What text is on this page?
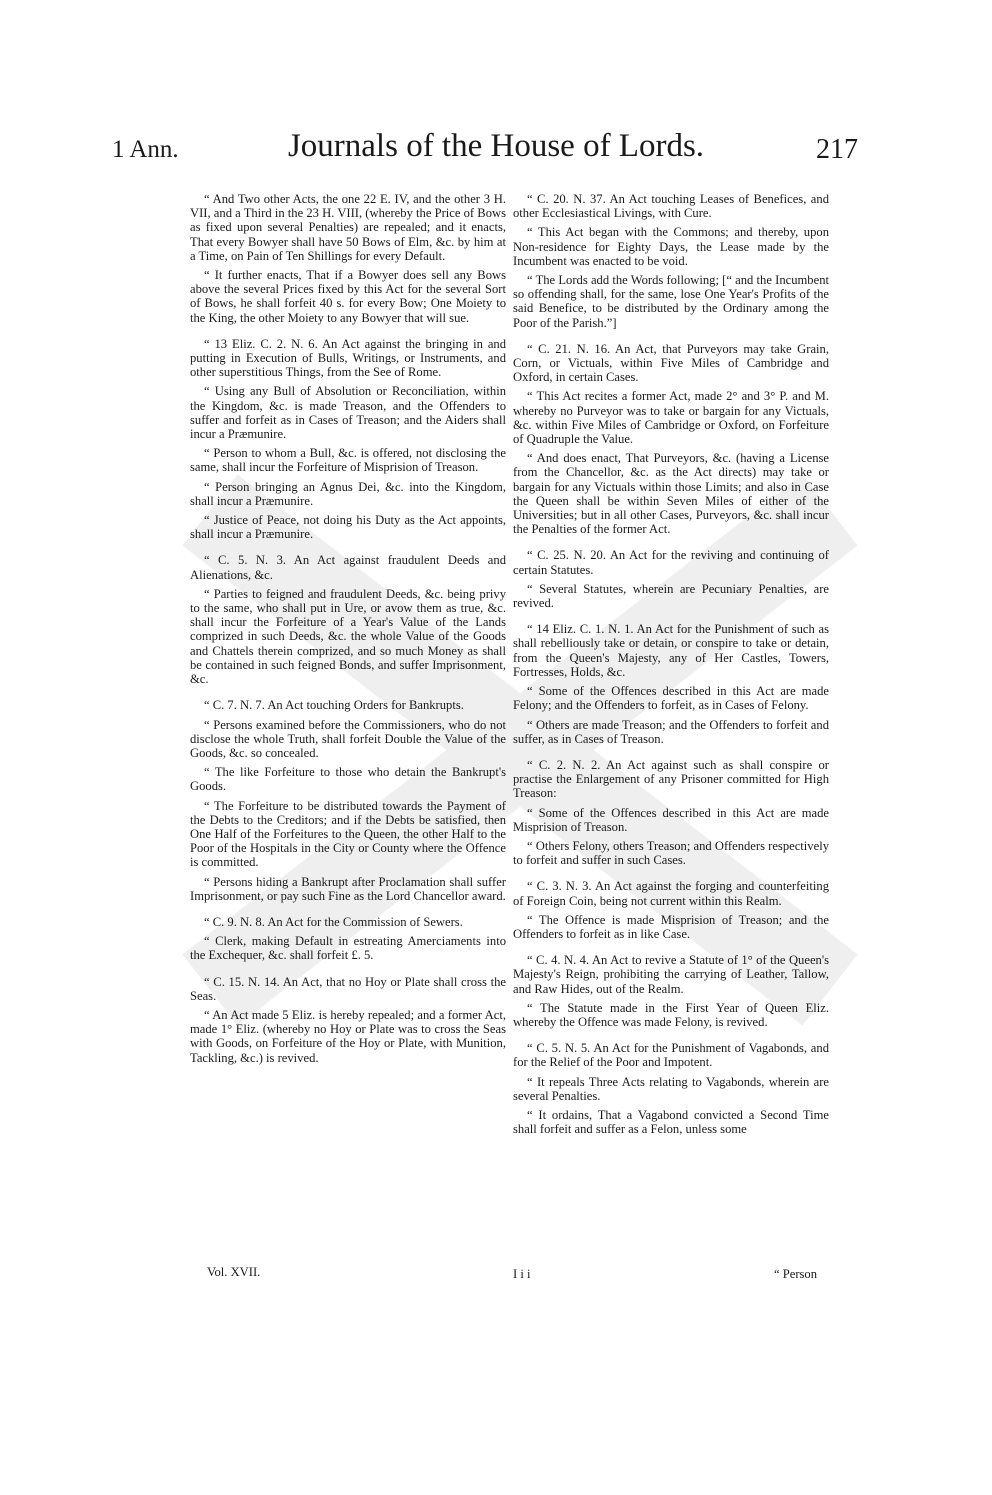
1 Ann.	Journals of the House of Lords.	217

“ And Two other Acts, the one 22 E. IV, and the other 3 H. VII, and a Third in the 23 H. VIII, (whereby the Price of Bows as fixed upon several Penalties) are repealed; and it enacts, That every Bowyer shall have 50 Bows of Elm, &c. by him at a Time, on Pain of Ten Shillings for every Default.

“ It further enacts, That if a Bowyer does sell any Bows above the several Prices fixed by this Act for the several Sort of Bows, he shall forfeit 40 s. for every Bow; One Moiety to the King, the other Moiety to any Bowyer that will sue.

“ 13 Eliz. C. 2. N. 6. An Act against the bringing in and putting in Execution of Bulls, Writings, or Instruments, and other superstitious Things, from the See of Rome.

“ Using any Bull of Absolution or Reconciliation, within the Kingdom, &c. is made Treason, and the Offenders to suffer and forfeit as in Cases of Treason; and the Aiders shall incur a Præmunire.

“ Person to whom a Bull, &c. is offered, not disclosing the same, shall incur the Forfeiture of Misprision of Treason.

“ Person bringing an Agnus Dei, &c. into the Kingdom, shall incur a Præmunire.

“ Justice of Peace, not doing his Duty as the Act appoints, shall incur a Præmunire.

“ C. 5. N. 3. An Act against fraudulent Deeds and Alienations, &c.

“ Parties to feigned and fraudulent Deeds, &c. being privy to the same, who shall put in Ure, or avow them as true, &c. shall incur the Forfeiture of a Year's Value of the Lands comprized in such Deeds, &c. the whole Value of the Goods and Chattels therein comprized, and so much Money as shall be contained in such feigned Bonds, and suffer Imprisonment, &c.

“ C. 7. N. 7. An Act touching Orders for Bankrupts.

“ Persons examined before the Commissioners, who do not disclose the whole Truth, shall forfeit Double the Value of the Goods, &c. so concealed.

“ The like Forfeiture to those who detain the Bankrupt's Goods.

“ The Forfeiture to be distributed towards the Payment of the Debts to the Creditors; and if the Debts be satisfied, then One Half of the Forfeitures to the Queen, the other Half to the Poor of the Hospitals in the City or County where the Offence is committed.

“ Persons hiding a Bankrupt after Proclamation shall suffer Imprisonment, or pay such Fine as the Lord Chancellor award.

“ C. 9. N. 8. An Act for the Commission of Sewers.

“ Clerk, making Default in estreating Amerciaments into the Exchequer, &c. shall forfeit £. 5.

“ C. 15. N. 14. An Act, that no Hoy or Plate shall cross the Seas.

“ An Act made 5 Eliz. is hereby repealed; and a former Act, made 1° Eliz. (whereby no Hoy or Plate was to cross the Seas with Goods, on Forfeiture of the Hoy or Plate, with Munition, Tackling, &c.) is revived.

“ C. 20. N. 37. An Act touching Leases of Benefices, and other Ecclesiastical Livings, with Cure.

“ This Act began with the Commons; and thereby, upon Non-residence for Eighty Days, the Lease made by the Incumbent was enacted to be void.

“ The Lords add the Words following; [“ and the Incumbent so offending shall, for the same, lose One Year's Profits of the said Benefice, to be distributed by the Ordinary among the Poor of the Parish.”]

“ C. 21. N. 16. An Act, that Purveyors may take Grain, Corn, or Victuals, within Five Miles of Cambridge and Oxford, in certain Cases.

“ This Act recites a former Act, made 2° and 3° P. and M. whereby no Purveyor was to take or bargain for any Victuals, &c. within Five Miles of Cambridge or Oxford, on Forfeiture of Quadruple the Value.

“ And does enact, That Purveyors, &c. (having a License from the Chancellor, &c. as the Act directs) may take or bargain for any Victuals within those Limits; and also in Case the Queen shall be within Seven Miles of either of the Universities; but in all other Cases, Purveyors, &c. shall incur the Penalties of the former Act.

“ C. 25. N. 20. An Act for the reviving and continuing of certain Statutes.

“ Several Statutes, wherein are Pecuniary Penalties, are revived.

“ 14 Eliz. C. 1. N. 1. An Act for the Punishment of such as shall rebelliously take or detain, or conspire to take or detain, from the Queen's Majesty, any of Her Castles, Towers, Fortresses, Holds, &c.

“ Some of the Offences described in this Act are made Felony; and the Offenders to forfeit, as in Cases of Felony.

“ Others are made Treason; and the Offenders to forfeit and suffer, as in Cases of Treason.

“ C. 2. N. 2. An Act against such as shall conspire or practise the Enlargement of any Prisoner committed for High Treason:

“ Some of the Offences described in this Act are made Misprision of Treason.

“ Others Felony, others Treason; and Offenders respectively to forfeit and suffer in such Cases.

“ C. 3. N. 3. An Act against the forging and counterfeiting of Foreign Coin, being not current within this Realm.

“ The Offence is made Misprision of Treason; and the Offenders to forfeit as in like Case.

“ C. 4. N. 4. An Act to revive a Statute of 1° of the Queen's Majesty's Reign, prohibiting the carrying of Leather, Tallow, and Raw Hides, out of the Realm.

“ The Statute made in the First Year of Queen Eliz. whereby the Offence was made Felony, is revived.

“ C. 5. N. 5. An Act for the Punishment of Vagabonds, and for the Relief of the Poor and Impotent.

“ It repeals Three Acts relating to Vagabonds, wherein are several Penalties.

“ It ordains, That a Vagabond convicted a Second Time shall forfeit and suffer as a Felon, unless some

Vol. XVII.	I i i	“ Person
